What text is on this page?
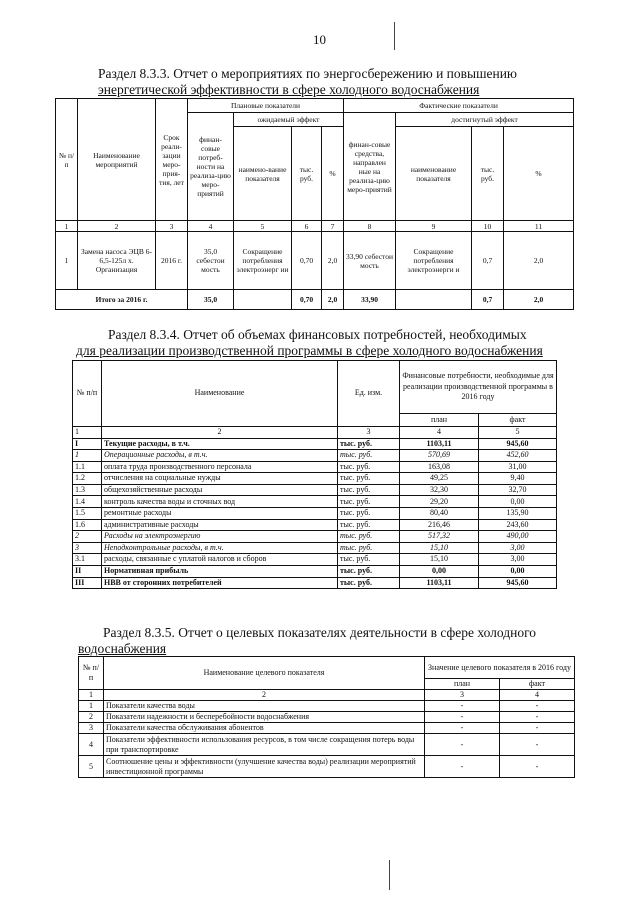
10
Раздел 8.3.3. Отчет о мероприятиях по энергосбережению и повышению
энергетической эффективности в сфере холодного водоснабжения
№ п/п	Наименование мероприятий	Срок реали-зации меро-прия-тия, лет	Плановые показатели				Фактические показатели			
			финан-совые потреб-ности на реализа-цию меро-приятий	ожидаемый эффект			финан-совые средства, направлен ные на реализа-цию меро-приятий	достигнутый эффект		
				наимено-вание показателя	тыс. руб.	%		наименование показателя	тыс. руб.	%
1	2	3	4	5	6	7	8	9	10	11
1	Замена насоса ЭЦВ 6-6,5-125л х. Организация	2016 г.	35,0 себестои мость	Сокращение потребления электроэнерг ии	0,70	2,0	33,90 себестои мость	Сокращение потребления электроэнерги и	0,7	2,0
Итого за 2016 г.			35,0		0,70	2,0	33,90		0,7	2,0
Раздел 8.3.4. Отчет об объемах финансовых потребностей, необходимых
для реализации производственной программы в сфере холодного водоснабжения
№ п/п	Наименование	Ед. изм.	Финансовые потребности, необходимые для реализации производственной программы в 2016 году	
			план	факт
1	2	3	4	5
I	Текущие расходы, в т.ч.	тыс. руб.	1103,11	945,60
1	Операционные расходы, в т.ч.	тыс. руб.	570,69	452,60
1.1	оплата труда производственного персонала	тыс. руб.	163,08	31,00
1.2	отчисления на социальные нужды	тыс. руб.	49,25	9,40
1.3	общехозяйственные расходы	тыс. руб.	32,30	32,70
1.4	контроль качества воды и сточных вод	тыс. руб.	29,20	0,00
1.5	ремонтные расходы	тыс. руб.	80,40	135,90
1.6	административные расходы	тыс. руб.	216,46	243,60
2	Расходы на электроэнергию	тыс. руб.	517,32	490,00
3	Неподконтрольные расходы, в т.ч.	тыс. руб.	15,10	3,00
3.1	расходы, связанные с уплатой налогов и сборов	тыс. руб.	15,10	3,00
II	Нормативная прибыль	тыс. руб.	0,00	0,00
III	НВВ от сторонних потребителей	тыс. руб.	1103,11	945,60
Раздел 8.3.5. Отчет о целевых показателях деятельности в сфере холодного
водоснабжения
№ п/п	Наименование целевого показателя	Значение целевого показателя в 2016 году	
		план	факт
1	2	3	4
1	Показатели качества воды	-	-
2	Показатели надежности и бесперебойности водоснабжения	-	-
3	Показатели качества обслуживания абонентов	-	-
4	Показатели эффективности использования ресурсов, в том числе сокращения потерь воды при транспортировке	-	-
5	Соотношение цены и эффективности (улучшение качества воды) реализации мероприятий инвестиционной программы	-	-
